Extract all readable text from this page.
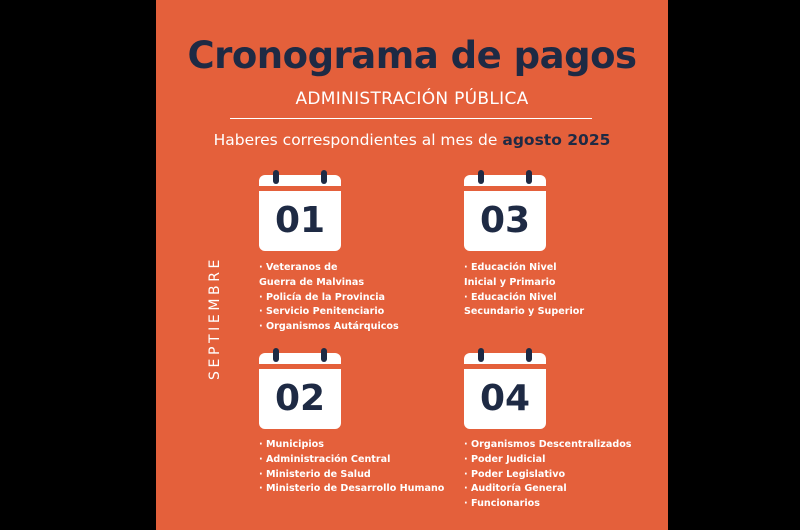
Cronograma de pagos
ADMINISTRACIÓN PÚBLICA
Haberes correspondientes al mes de agosto 2025
SEPTIEMBRE
01
· Veteranos de
Guerra de Malvinas
· Policía de la Provincia
· Servicio Penitenciario
· Organismos Autárquicos
03
· Educación Nivel
Inicial y Primario
· Educación Nivel
Secundario y Superior
02
· Municipios
· Administración Central
· Ministerio de Salud
· Ministerio de Desarrollo Humano
04
· Organismos Descentralizados
· Poder Judicial
· Poder Legislativo
· Auditoría General
· Funcionarios
